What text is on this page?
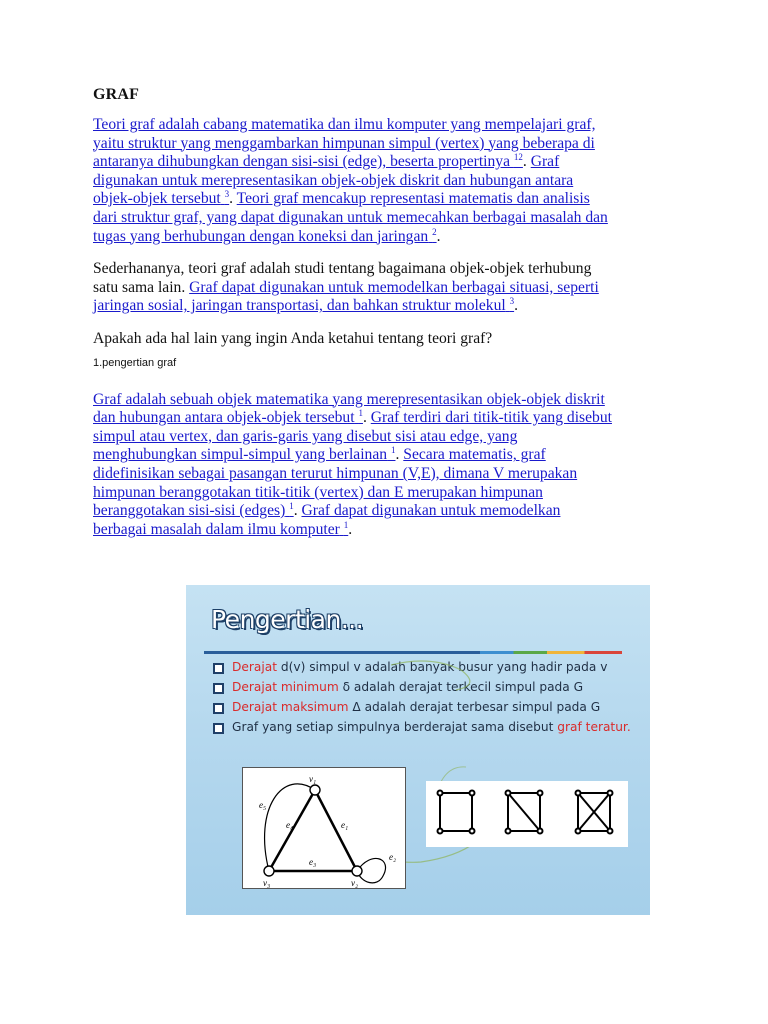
GRAF

Teori graf adalah cabang matematika dan ilmu komputer yang mempelajari graf,
yaitu struktur yang menggambarkan himpunan simpul (vertex) yang beberapa di
antaranya dihubungkan dengan sisi-sisi (edge), beserta propertinya $^{12}$. Graf
digunakan untuk merepresentasikan objek-objek diskrit dan hubungan antara
objek-objek tersebut $^3$. Teori graf mencakup representasi matematis dan analisis
dari struktur graf, yang dapat digunakan untuk memecahkan berbagai masalah dan
tugas yang berhubungan dengan koneksi dan jaringan $^2$.

Sederhananya, teori graf adalah studi tentang bagaimana objek-objek terhubung
satu sama lain. Graf dapat digunakan untuk memodelkan berbagai situasi, seperti
jaringan sosial, jaringan transportasi, dan bahkan struktur molekul $^3$.

Apakah ada hal lain yang ingin Anda ketahui tentang teori graf?

1.pengertian graf

Graf adalah sebuah objek matematika yang merepresentasikan objek-objek diskrit
dan hubungan antara objek-objek tersebut $^1$. Graf terdiri dari titik-titik yang disebut
simpul atau vertex, dan garis-garis yang disebut sisi atau edge, yang
menghubungkan simpul-simpul yang berlainan $^1$. Secara matematis, graf
didefinisikan sebagai pasangan terurut himpunan (V,E), dimana V merupakan
himpunan beranggotakan titik-titik (vertex) dan E merupakan himpunan
beranggotakan sisi-sisi (edges) $^1$. Graf dapat digunakan untuk memodelkan
berbagai masalah dalam ilmu komputer $^1$.

Pengertian...
Derajat d(v) simpul v adalah banyak busur yang hadir pada v
Derajat minimum δ adalah derajat terkecil simpul pada G
Derajat maksimum Δ adalah derajat terbesar simpul pada G
Graf yang setiap simpulnya berderajat sama disebut graf teratur.
v₁
v₃	v₂
e₁
e₂
e₃
e₄
e₅
